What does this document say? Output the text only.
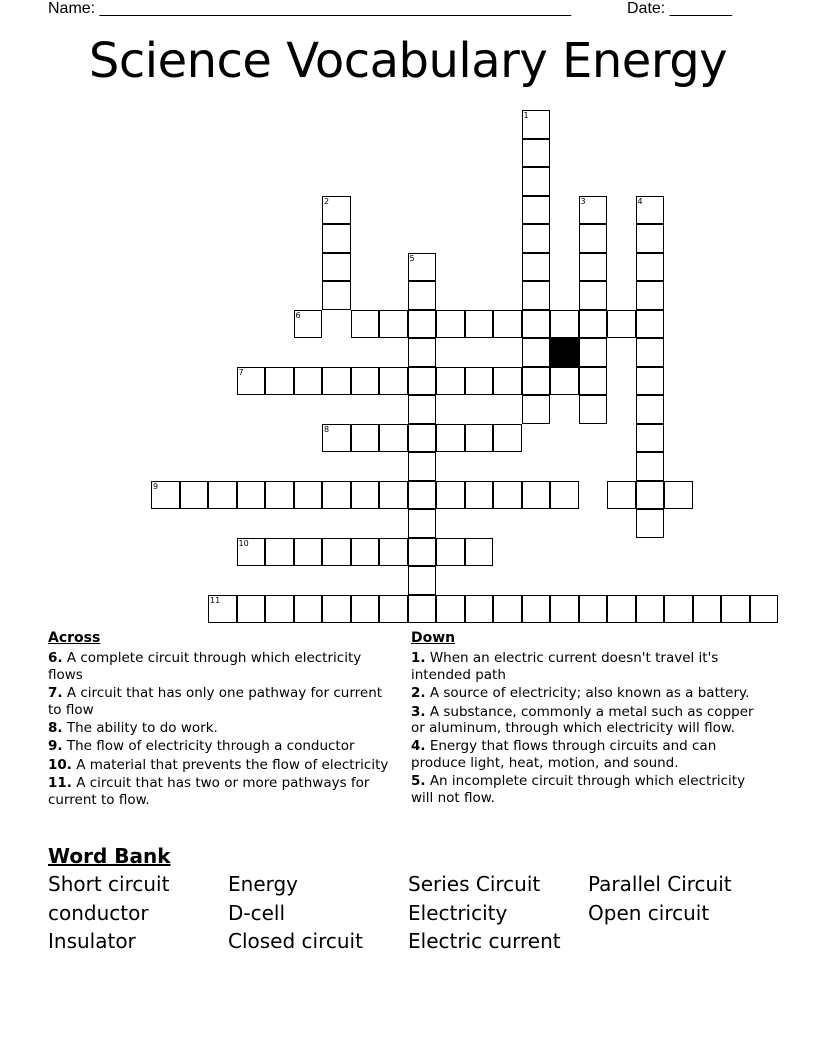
Name: _____________________________________________________	Date: _______
Science Vocabulary Energy
1
2	3	4
5
6
7
8
9
10
11
Across
6. A complete circuit through which electricity flows
7. A circuit that has only one pathway for current to flow
8. The ability to do work.
9. The flow of electricity through a conductor
10. A material that prevents the flow of electricity
11. A circuit that has two or more pathways for current to flow.
Down
1. When an electric current doesn't travel it's intended path
2. A source of electricity; also known as a battery.
3. A substance, commonly a metal such as copper or aluminum, through which electricity will flow.
4. Energy that flows through circuits and can produce light, heat, motion, and sound.
5. An incomplete circuit through which electricity will not flow.
Word Bank
Short circuit	Energy	Series Circuit	Parallel Circuit
conductor	D-cell	Electricity	Open circuit
Insulator	Closed circuit	Electric current
